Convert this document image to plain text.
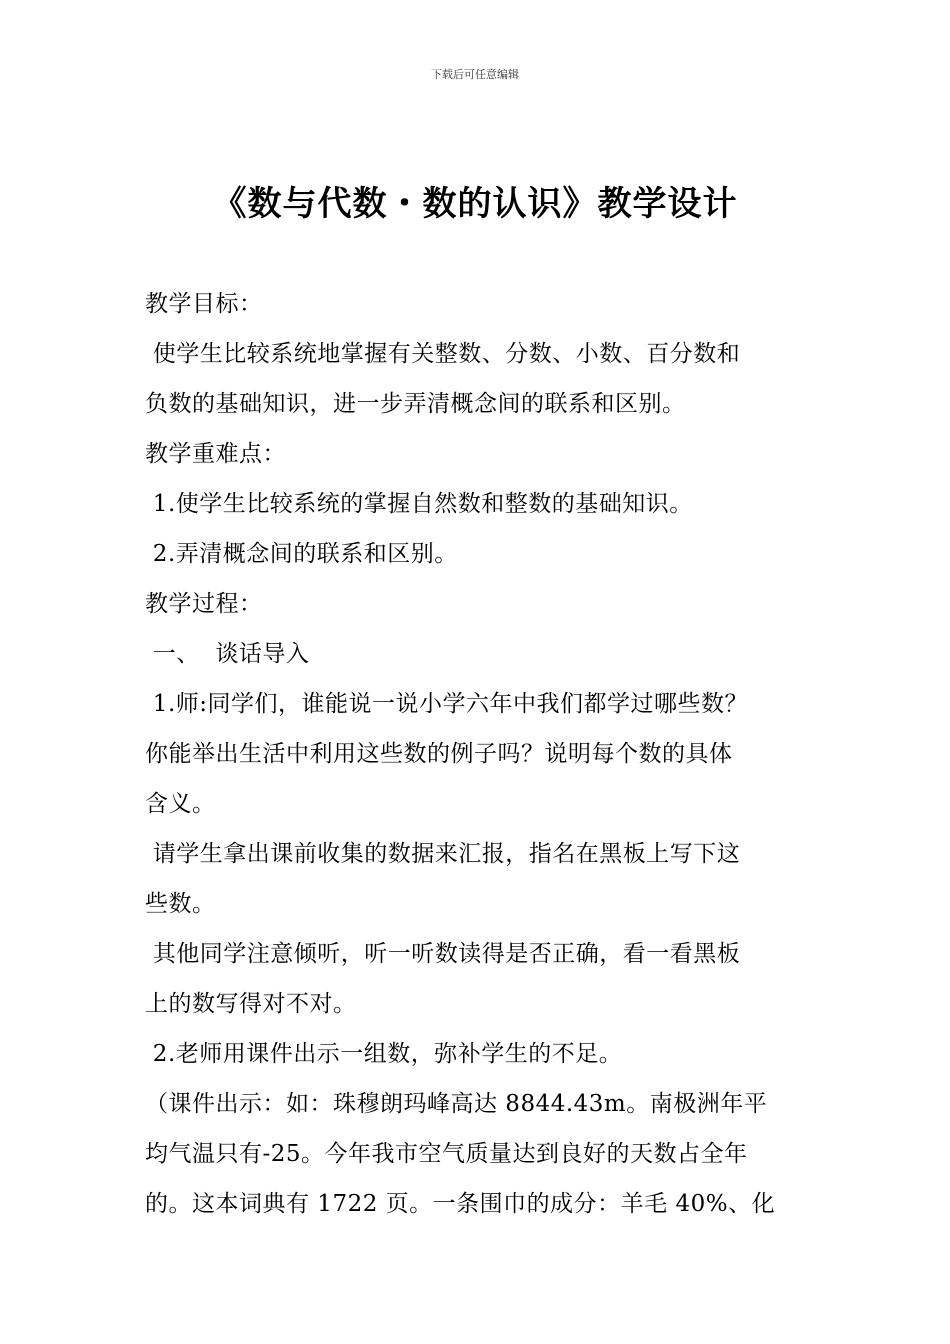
下载后可任意编辑
《数与代数・数的认识》教学设计
教学目标：
使学生比较系统地掌握有关整数、分数、小数、百分数和
负数的基础知识，进一步弄清概念间的联系和区别。
教学重难点：
1.使学生比较系统的掌握自然数和整数的基础知识。
2.弄清概念间的联系和区别。
教学过程：
一、  谈话导入
1.师:同学们，谁能说一说小学六年中我们都学过哪些数？
你能举出生活中利用这些数的例子吗？说明每个数的具体
含义。
请学生拿出课前收集的数据来汇报，指名在黑板上写下这
些数。
其他同学注意倾听，听一听数读得是否正确，看一看黑板
上的数写得对不对。
2.老师用课件出示一组数，弥补学生的不足。
（课件出示：如：珠穆朗玛峰高达 8844.43m。南极洲年平
均气温只有-25。今年我市空气质量达到良好的天数占全年
的。这本词典有 1722 页。一条围巾的成分：羊毛 40%、化
